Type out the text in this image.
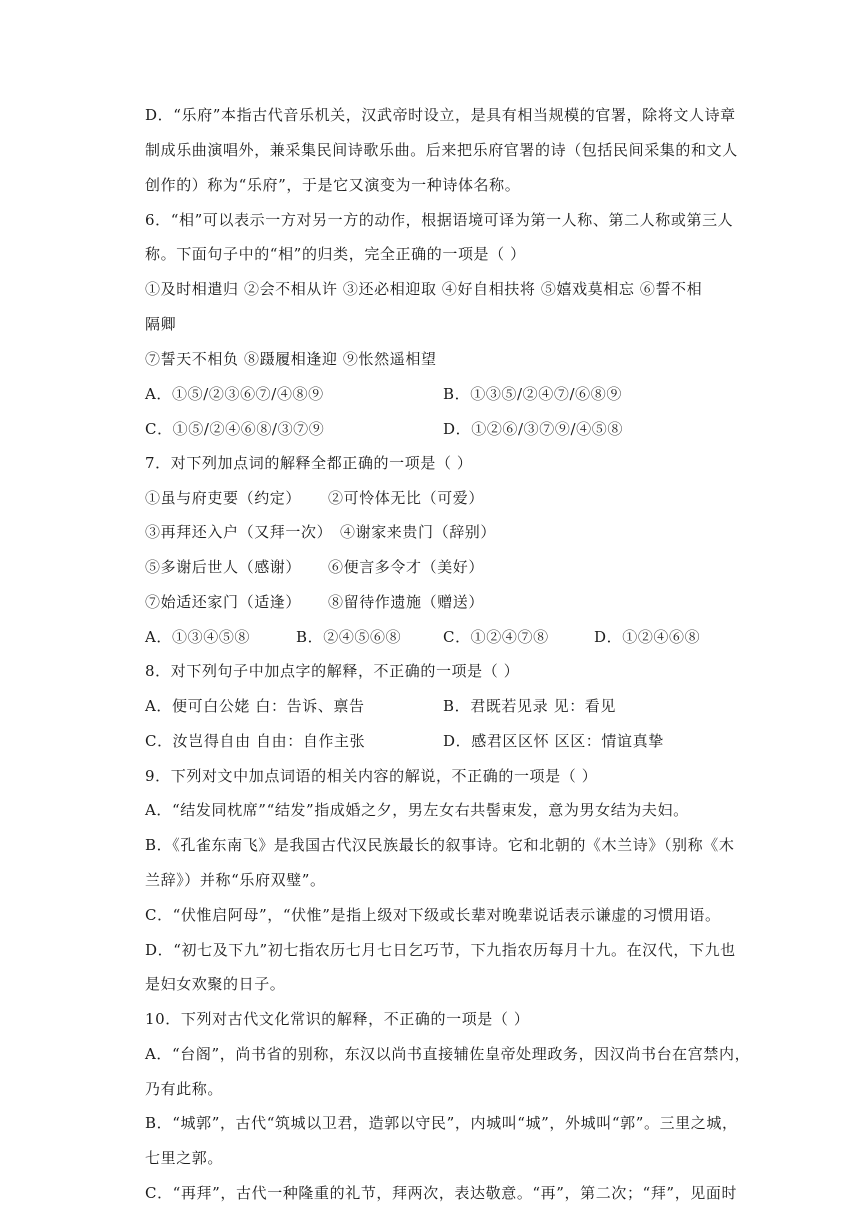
D．“乐府”本指古代音乐机关，汉武帝时设立，是具有相当规模的官署，除将文人诗章
制成乐曲演唱外，兼采集民间诗歌乐曲。后来把乐府官署的诗（包括民间采集的和文人
创作的）称为“乐府”，于是它又演变为一种诗体名称。
6．“相”可以表示一方对另一方的动作，根据语境可译为第一人称、第二人称或第三人
称。下面句子中的“相”的归类，完全正确的一项是（ ）
①及时相遣归 ②会不相从许 ③还必相迎取 ④好自相扶将 ⑤嬉戏莫相忘 ⑥誓不相
隔卿
⑦誓天不相负 ⑧蹑履相逢迎 ⑨怅然遥相望
A．①⑤/②③⑥⑦/④⑧⑨	B．①③⑤/②④⑦/⑥⑧⑨
C．①⑤/②④⑥⑧/③⑦⑨	D．①②⑥/③⑦⑨/④⑤⑧
7．对下列加点词的解释全都正确的一项是（ ）
①虽与府吏要（约定）	②可怜体无比（可爱）
③再拜还入户（又拜一次） ④谢家来贵门（辞别）
⑤多谢后世人（感谢）	⑥便言多令才（美好）
⑦始适还家门（适逢）	⑧留待作遗施（赠送）
A．①③④⑤⑧	B．②④⑤⑥⑧	C．①②④⑦⑧	D．①②④⑥⑧
8．对下列句子中加点字的解释，不正确的一项是（ ）
A．便可白公姥 白：告诉、禀告	B．君既若见录 见：看见
C．汝岂得自由 自由：自作主张	D．感君区区怀 区区：情谊真挚
9．下列对文中加点词语的相关内容的解说，不正确的一项是（ ）
A．“结发同枕席”“结发”指成婚之夕，男左女右共髻束发，意为男女结为夫妇。
B．《孔雀东南飞》是我国古代汉民族最长的叙事诗。它和北朝的《木兰诗》（别称《木
兰辞》）并称“乐府双璧”。
C．“伏惟启阿母”，“伏惟”是指上级对下级或长辈对晚辈说话表示谦虚的习惯用语。
D．“初七及下九”初七指农历七月七日乞巧节，下九指农历每月十九。在汉代，下九也
是妇女欢聚的日子。
10．下列对古代文化常识的解释，不正确的一项是（ ）
A．“台阁”，尚书省的别称，东汉以尚书直接辅佐皇帝处理政务，因汉尚书台在宫禁内，
乃有此称。
B．“城郭”，古代“筑城以卫君，造郭以守民”，内城叫“城”，外城叫“郭”。三里之城，
七里之郭。
C．“再拜”，古代一种隆重的礼节，拜两次，表达敬意。“再”，第二次；“拜”，见面时
